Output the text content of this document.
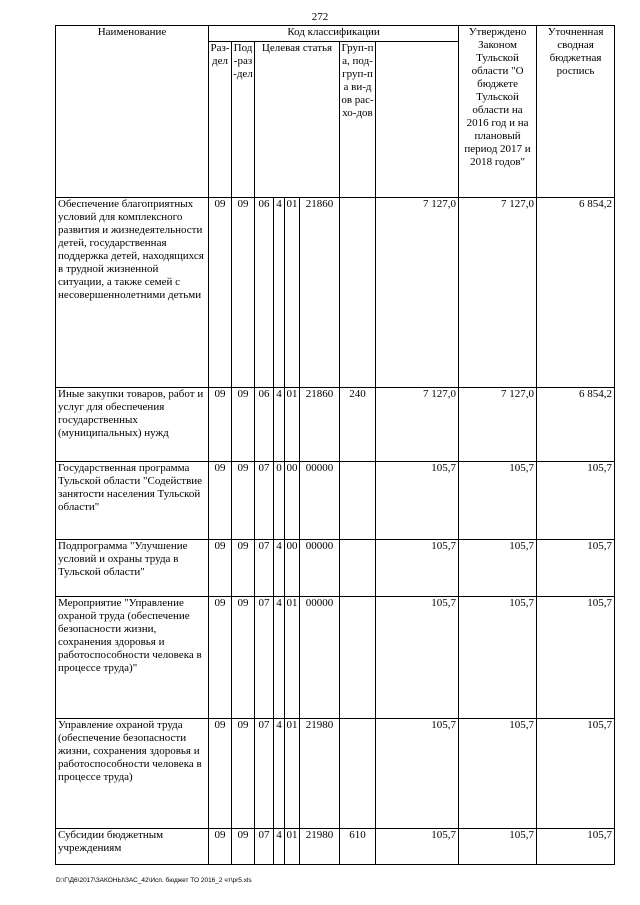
272
Наименование	Код классификации								Утверждено Законом Тульской области "О бюджете Тульской области на 2016 год и на плановый период 2017 и 2018 годов"	Уточненная сводная бюджетная роспись	
	Раз-дел	Под-раз-дел	Целевая статья				Груп-па, под-груп-па ви-дов рас-хо-дов				
Обеспечение благоприятных условий для комплексного развития и жизнедеятельности детей, государственная поддержка детей, находящихся в трудной жизненной ситуации, а также семей с несовершеннолетними детьми	09	09	06	4	01	21860		7 127,0	7 127,0	6 854,2	
Иные закупки товаров, работ и услуг для обеспечения государственных (муниципальных) нужд	09	09	06	4	01	21860	240	7 127,0	7 127,0	6 854,2	
Государственная программа Тульской области "Содействие занятости населения Тульской области"	09	09	07	0	00	00000		105,7	105,7	105,7	
Подпрограмма "Улучшение условий и охраны труда в Тульской области"	09	09	07	4	00	00000		105,7	105,7	105,7	
Мероприятие "Управление охраной труда (обеспечение безопасности жизни, сохранения здоровья и работоспособности человека в процессе труда)"	09	09	07	4	01	00000		105,7	105,7	105,7	
Управление охраной труда (обеспечение безопасности жизни, сохранения здоровья и работоспособности человека в процессе труда)	09	09	07	4	01	21980		105,7	105,7	105,7	
Субсидии бюджетным учреждениям	09	09	07	4	01	21980	610	105,7	105,7	105,7	
D:\Г\Д6\2017\ЗАКОНЫ\ЗАС_42\Исп. бюджет ТО 2016_2 чт\pr5.xls
